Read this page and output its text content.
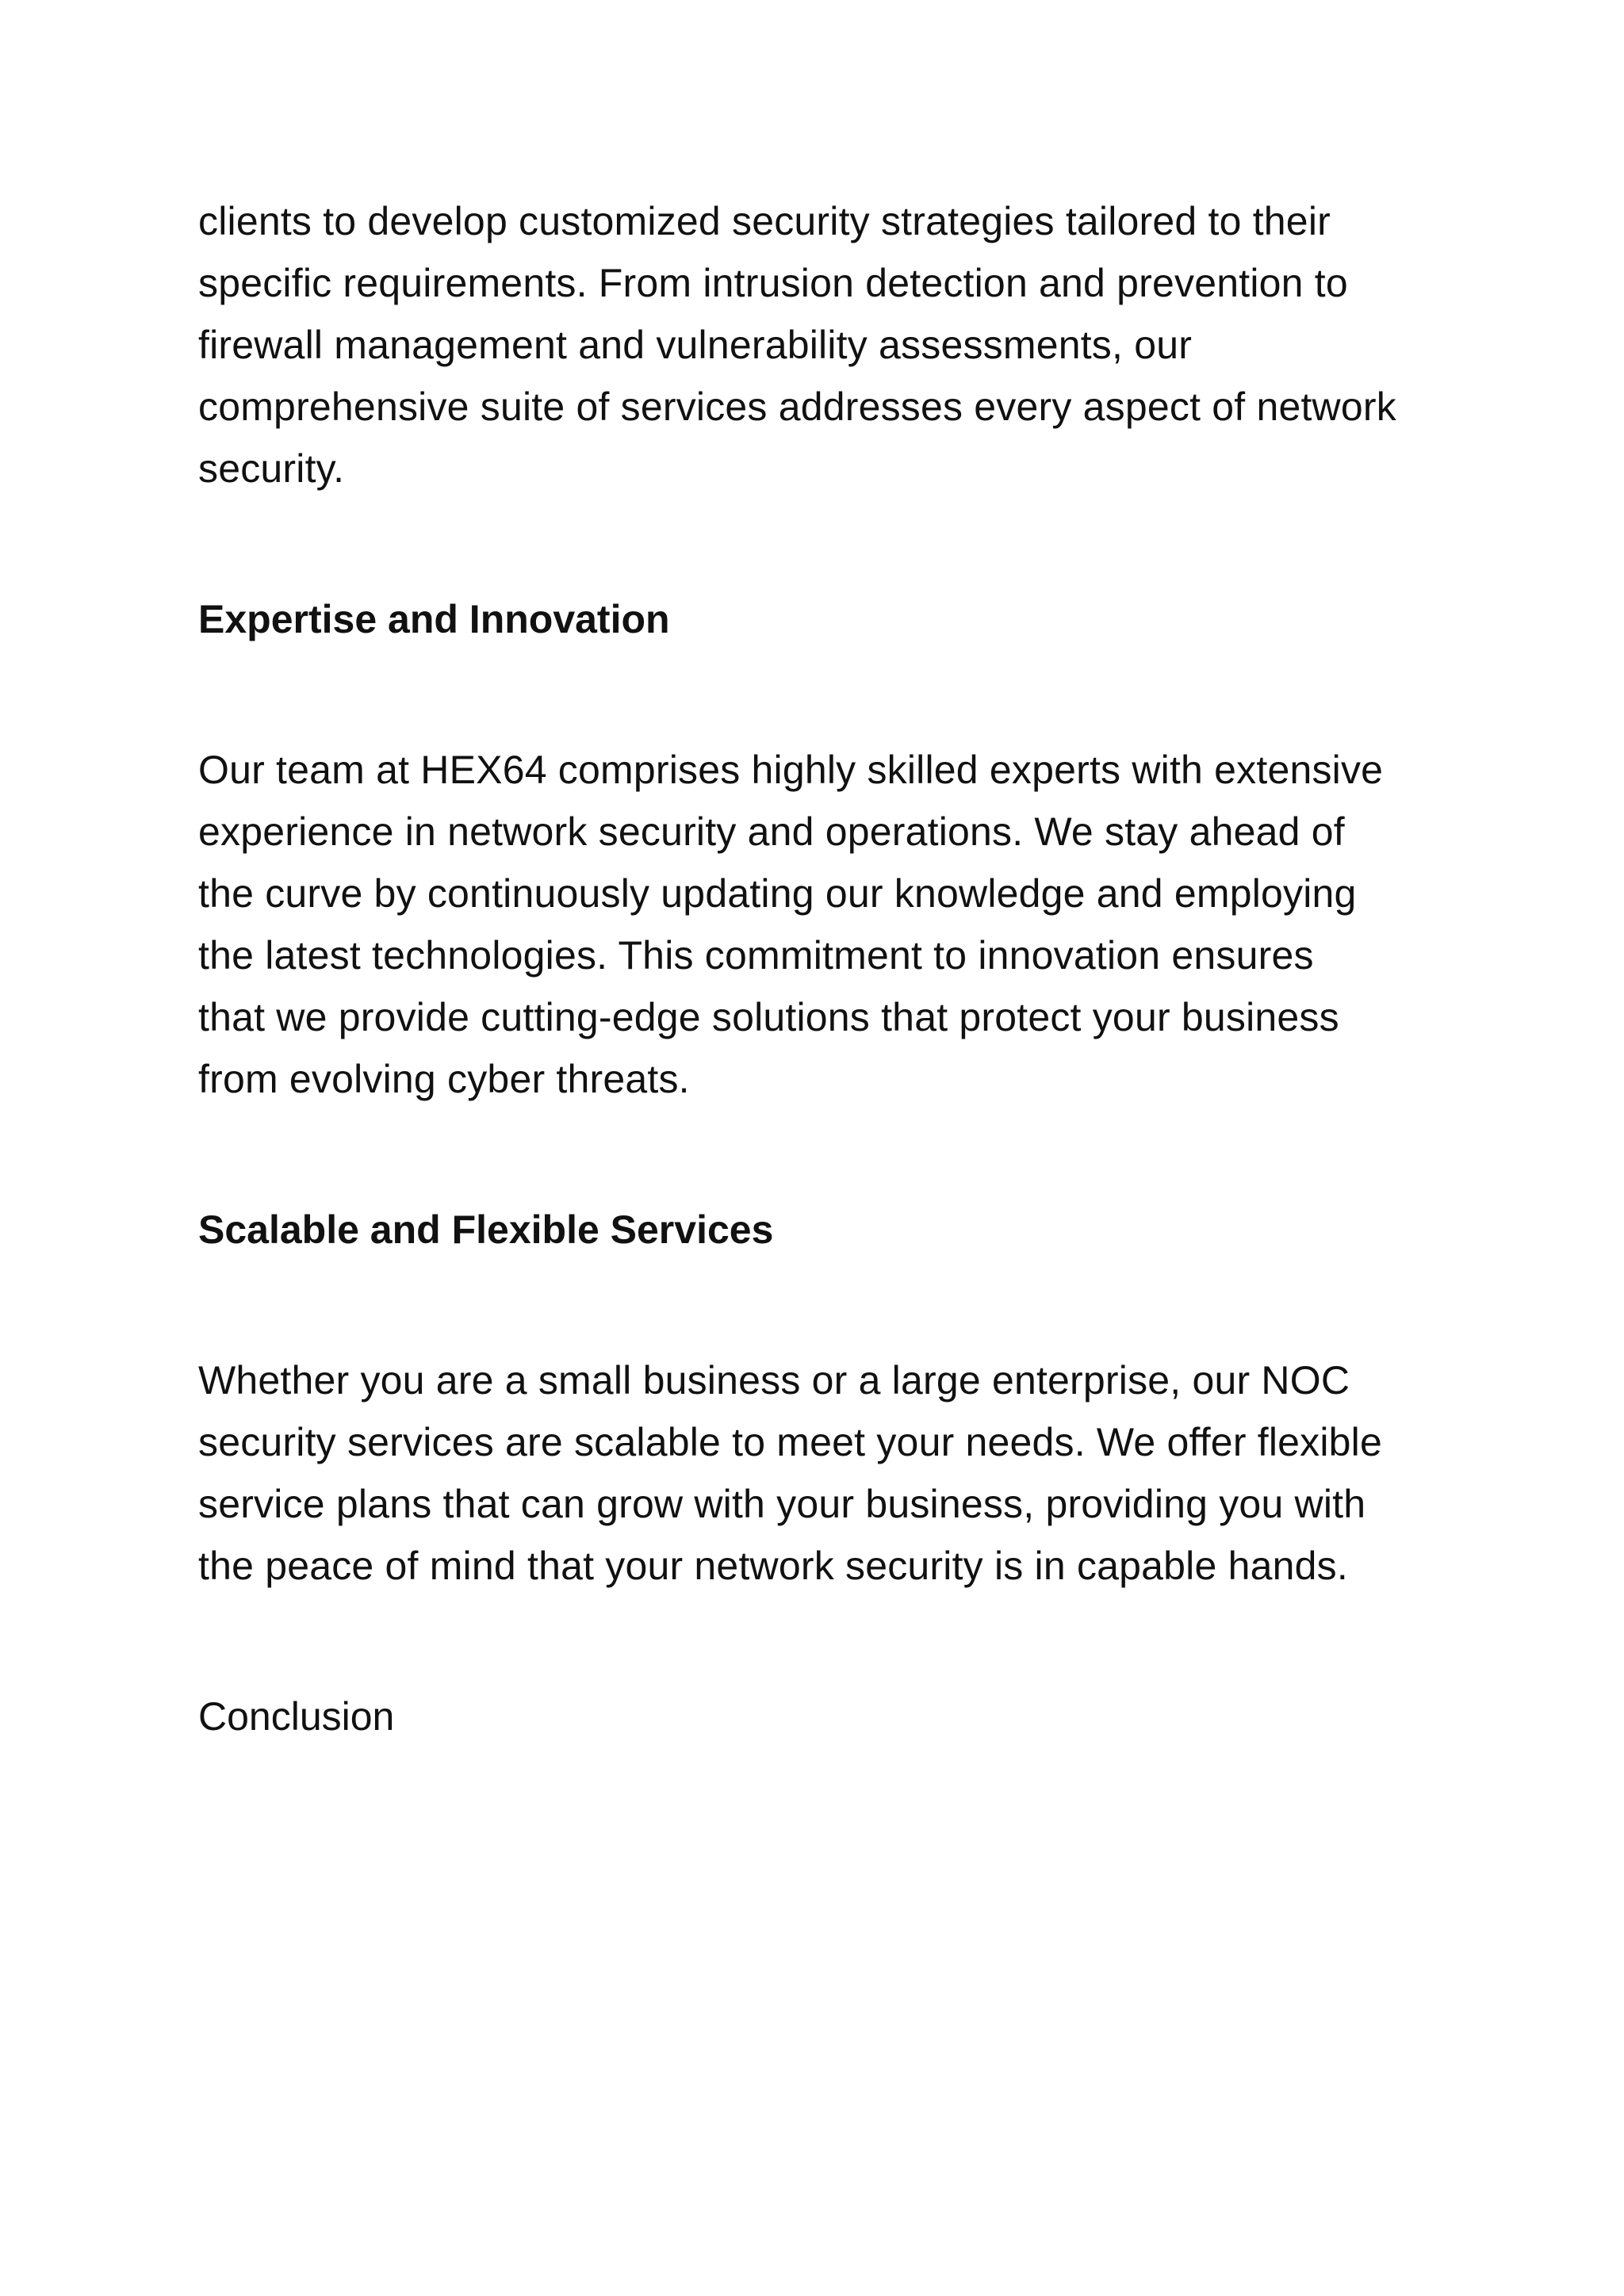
clients to develop customized security strategies tailored to their
specific requirements. From intrusion detection and prevention to
firewall management and vulnerability assessments, our
comprehensive suite of services addresses every aspect of network
security.

Expertise and Innovation

Our team at HEX64 comprises highly skilled experts with extensive
experience in network security and operations. We stay ahead of
the curve by continuously updating our knowledge and employing
the latest technologies. This commitment to innovation ensures
that we provide cutting-edge solutions that protect your business
from evolving cyber threats.

Scalable and Flexible Services

Whether you are a small business or a large enterprise, our NOC
security services are scalable to meet your needs. We offer flexible
service plans that can grow with your business, providing you with
the peace of mind that your network security is in capable hands.

Conclusion
